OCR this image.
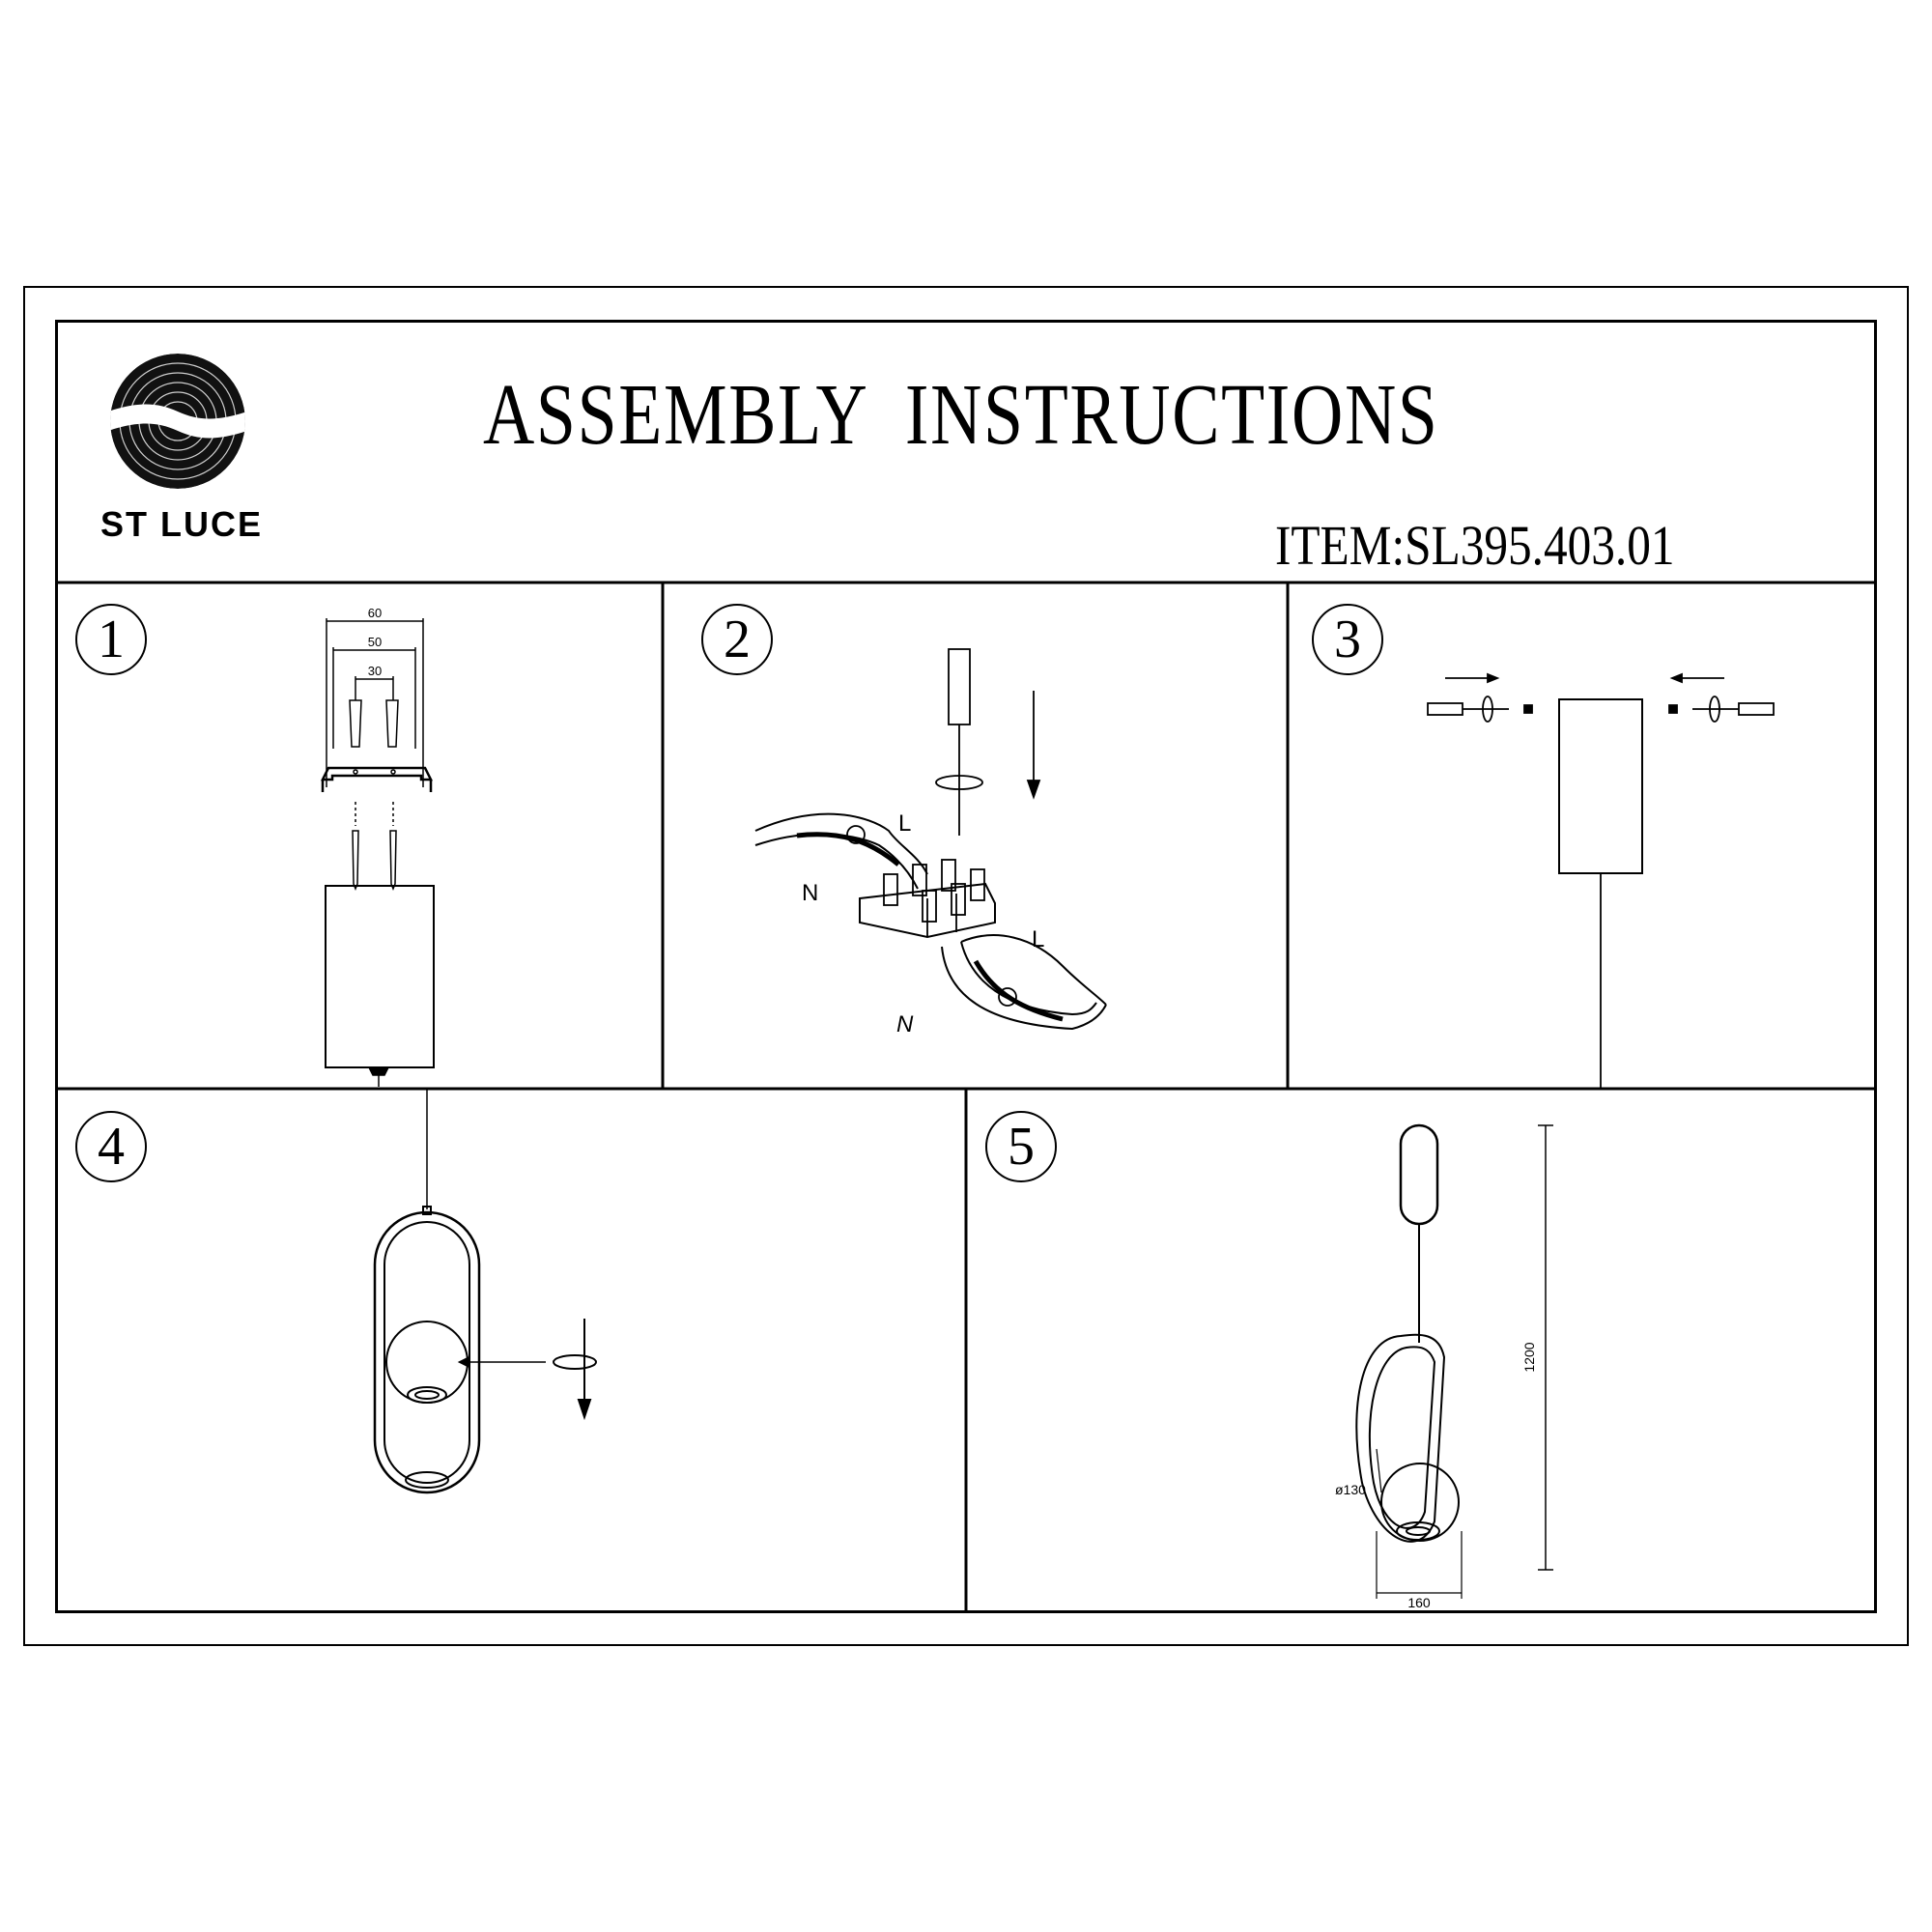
ST LUCE
ASSEMBLY  INSTRUCTIONS
ITEM:SL395.403.01
1	2	3
4	5
60
50
30
L
N
L
N
1200
ø130
160
